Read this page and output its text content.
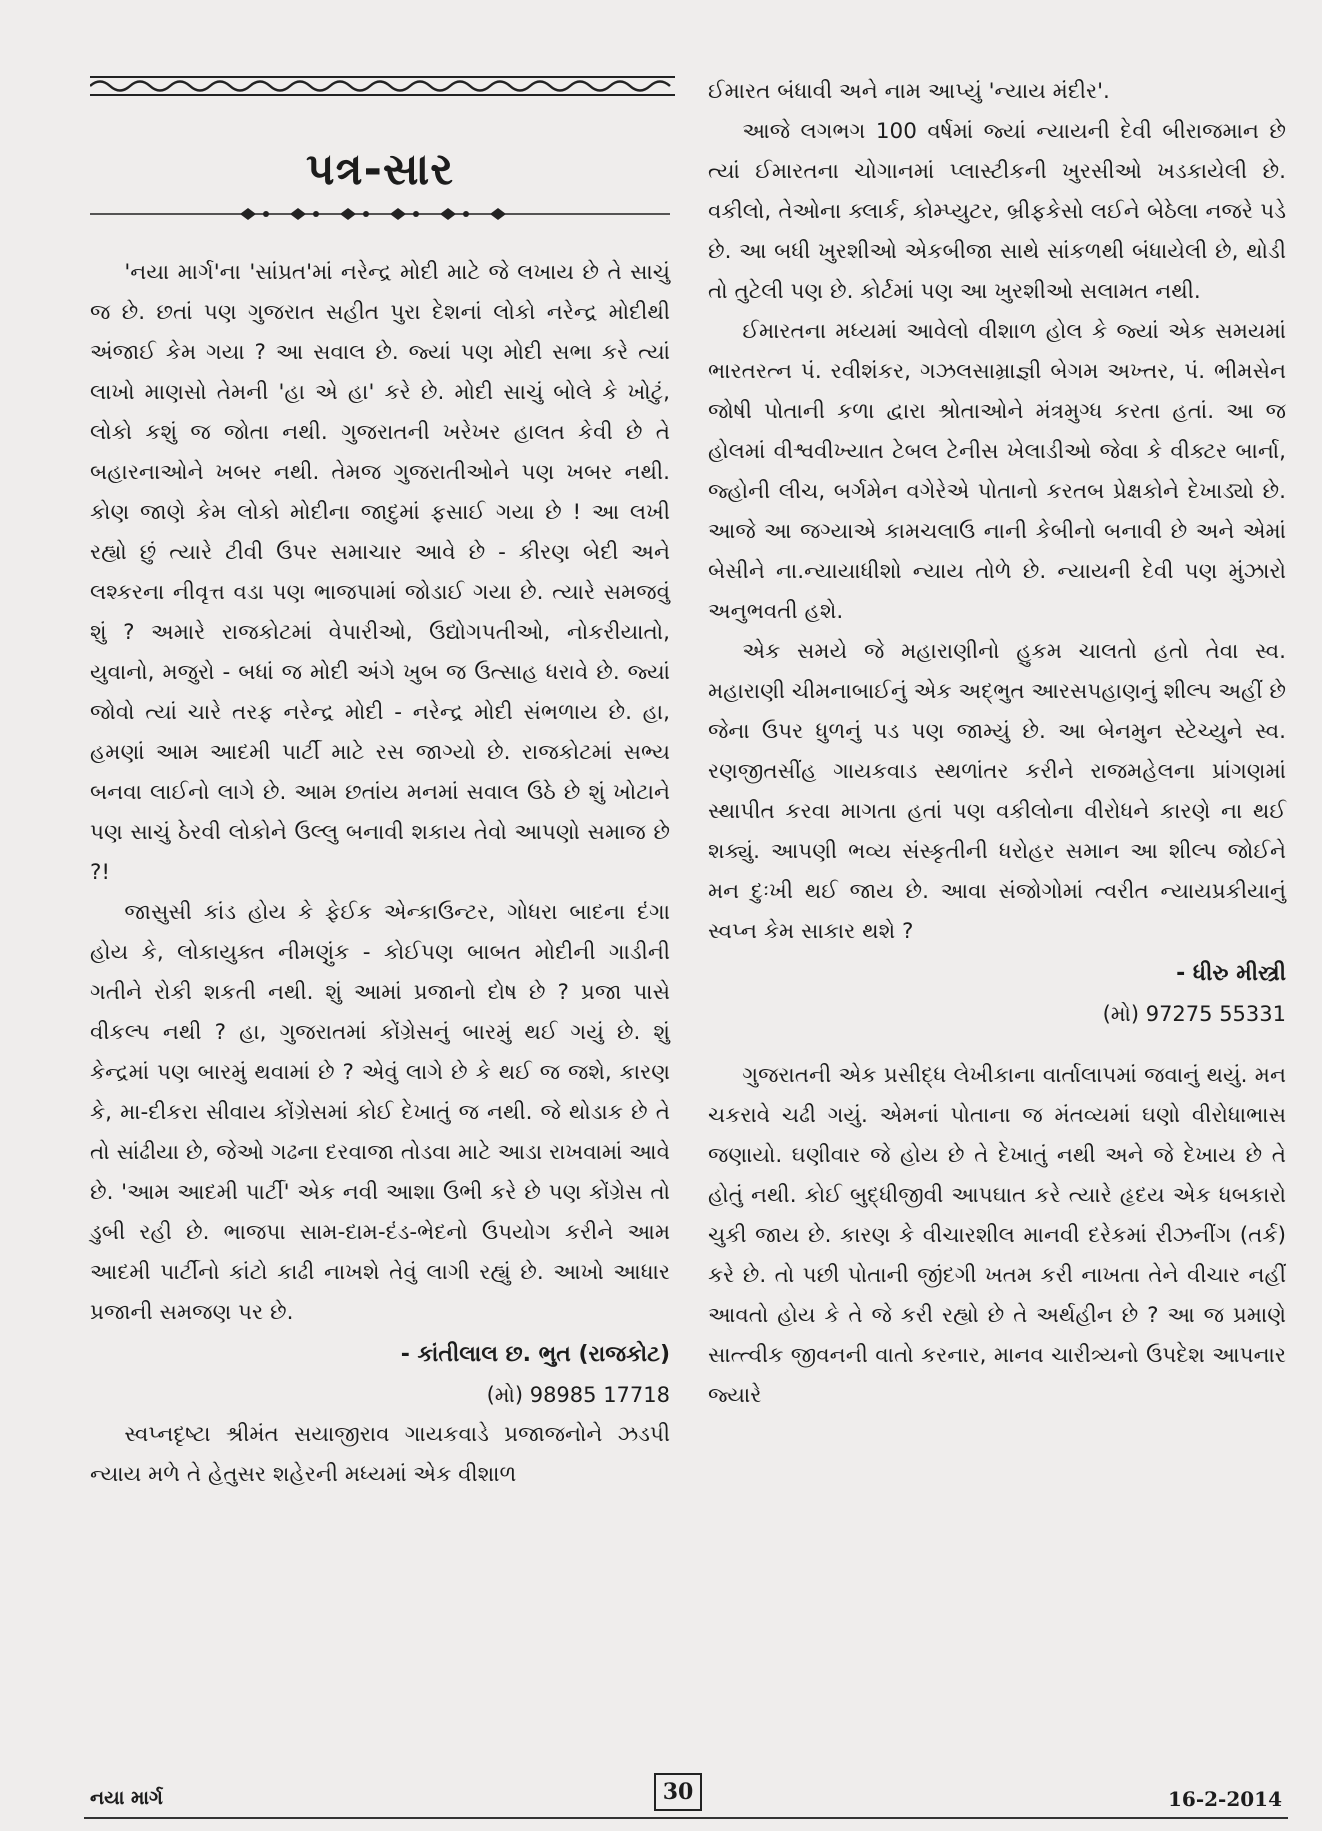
પત્ર-સાર

'નયા માર્ગ'ના 'સાંપ્રત'માં નરેન્દ્ર મોદી માટે જે લખાય છે તે સાચું જ છે. છતાં પણ ગુજરાત સહીત પુરા દેશનાં લોકો નરેન્દ્ર મોદીથી અંજાઈ કેમ ગયા ? આ સવાલ છે. જ્યાં પણ મોદી સભા કરે ત્યાં લાખો માણસો તેમની 'હા એ હા' કરે છે. મોદી સાચું બોલે કે ખોટું, લોકો કશું જ જોતા નથી. ગુજરાતની ખરેખર હાલત કેવી છે તે બહારનાઓને ખબર નથી. તેમજ ગુજરાતીઓને પણ ખબર નથી. કોણ જાણે કેમ લોકો મોદીના જાદુમાં ફસાઈ ગયા છે ! આ લખી રહ્યો છું ત્યારે ટીવી ઉપર સમાચાર આવે છે - કીરણ બેદી અને લશ્કરના નીવૃત્ત વડા પણ ભાજપામાં જોડાઈ ગયા છે. ત્યારે સમજવું શું ? અમારે રાજકોટમાં વેપારીઓ, ઉદ્યોગપતીઓ, નોકરીયાતો, યુવાનો, મજુરો - બધાં જ મોદી અંગે ખુબ જ ઉત્સાહ ધરાવે છે. જ્યાં જોવો ત્યાં ચારે તરફ નરેન્દ્ર મોદી - નરેન્દ્ર મોદી સંભળાય છે. હા, હમણાં આમ આદમી પાર્ટી માટે રસ જાગ્યો છે. રાજકોટમાં સભ્ય બનવા લાઈનો લાગે છે. આમ છતાંય મનમાં સવાલ ઉઠે છે શું ખોટાને પણ સાચું ઠેરવી લોકોને ઉલ્લુ બનાવી શકાય તેવો આપણો સમાજ છે ?!

જાસુસી કાંડ હોય કે ફેઈક એન્કાઉન્ટર, ગોધરા બાદના દંગા હોય કે, લોકાયુક્ત નીમણુંક - કોઈપણ બાબત મોદીની ગાડીની ગતીને રોકી શકતી નથી. શું આમાં પ્રજાનો દોષ છે ? પ્રજા પાસે વીકલ્પ નથી ? હા, ગુજરાતમાં કોંગ્રેસનું બારમું થઈ ગયું છે. શું કેન્દ્રમાં પણ બારમું થવામાં છે ? એવું લાગે છે કે થઈ જ જશે, કારણ કે, મા-દીકરા સીવાય કોંગ્રેસમાં કોઈ દેખાતું જ નથી. જે થોડાક છે તે તો સાંઢીયા છે, જેઓ ગઢના દરવાજા તોડવા માટે આડા રાખવામાં આવે છે. 'આમ આદમી પાર્ટી' એક નવી આશા ઉભી કરે છે પણ કોંગ્રેસ તો ડુબી રહી છે. ભાજપા સામ-દામ-દંડ-ભેદનો ઉપયોગ કરીને આમ આદમી પાર્ટીનો કાંટો કાઢી નાખશે તેવું લાગી રહ્યું છે. આખો આધાર પ્રજાની સમજણ પર છે.

- કાંતીલાલ છ. ભુત (રાજકોટ)
(મો) 98985 17718

સ્વપ્નદૃષ્ટા શ્રીમંત સયાજીરાવ ગાયકવાડે પ્રજાજનોને ઝડપી ન્યાય મળે તે હેતુસર શહેરની મધ્યમાં એક વીશાળ

ઈમારત બંધાવી અને નામ આપ્યું 'ન્યાય મંદીર'.

આજે લગભગ 100 વર્ષમાં જ્યાં ન્યાયની દેવી બીરાજમાન છે ત્યાં ઈમારતના ચોગાનમાં પ્લાસ્ટીકની ખુરસીઓ ખડકાયેલી છે. વકીલો, તેઓના ક્લાર્ક, કોમ્પ્યુટર, બ્રીફકેસો લઈને બેઠેલા નજરે પડે છે. આ બધી ખુરશીઓ એકબીજા સાથે સાંકળથી બંધાયેલી છે, થોડી તો તુટેલી પણ છે. કોર્ટમાં પણ આ ખુરશીઓ સલામત નથી.

ઈમારતના મધ્યમાં આવેલો વીશાળ હોલ કે જ્યાં એક સમયમાં ભારતરત્ન પં. રવીશંકર, ગઝલસામ્રાજ્ઞી બેગમ અખ્તર, પં. ભીમસેન જોષી પોતાની કળા દ્વારા શ્રોતાઓને મંત્રમુગ્ધ કરતા હતાં. આ જ હોલમાં વીશ્વવીખ્યાત ટેબલ ટેનીસ ખેલાડીઓ જેવા કે વીક્ટર બાર્ના, જ્હોની લીચ, બર્ગમેન વગેરેએ પોતાનો કરતબ પ્રેક્ષકોને દેખાડ્યો છે. આજે આ જગ્યાએ કામચલાઉ નાની કેબીનો બનાવી છે અને એમાં બેસીને ના.ન્યાયાધીશો ન્યાય તોળે છે. ન્યાયની દેવી પણ મુંઝારો અનુભવતી હશે.

એક સમયે જે મહારાણીનો હુકમ ચાલતો હતો તેવા સ્વ. મહારાણી ચીમનાબાઈનું એક અદ્ભુત આરસપહાણનું શીલ્પ અહીં છે જેના ઉપર ધુળનું પડ પણ જામ્યું છે. આ બેનમુન સ્ટેચ્યુને સ્વ. રણજીતસીંહ ગાયકવાડ સ્થળાંતર કરીને રાજમહેલના પ્રાંગણમાં સ્થાપીત કરવા માગતા હતાં પણ વકીલોના વીરોધને કારણે ના થઈ શક્યું. આપણી ભવ્ય સંસ્કૃતીની ધરોહર સમાન આ શીલ્પ જોઈને મન દુઃખી થઈ જાય છે. આવા સંજોગોમાં ત્વરીત ન્યાયપ્રકીયાનું સ્વપ્ન કેમ સાકાર થશે ?

- ધીરુ મીસ્ત્રી
(મો) 97275 55331

ગુજરાતની એક પ્રસીદ્ધ લેખીકાના વાર્તાલાપમાં જવાનું થયું. મન ચકરાવે ચઢી ગયું. એમનાં પોતાના જ મંતવ્યમાં ઘણો વીરોધાભાસ જણાયો. ઘણીવાર જે હોય છે તે દેખાતું નથી અને જે દેખાય છે તે હોતું નથી. કોઈ બુદ્ધીજીવી આપઘાત કરે ત્યારે હૃદય એક ધબકારો ચુકી જાય છે. કારણ કે વીચારશીલ માનવી દરેકમાં રીઝનીંગ (તર્ક) કરે છે. તો પછી પોતાની જીંદગી ખતમ કરી નાખતા તેને વીચાર નહીં આવતો હોય કે તે જે કરી રહ્યો છે તે અર્થહીન છે ? આ જ પ્રમાણે સાત્ત્વીક જીવનની વાતો કરનાર, માનવ ચારીત્ર્યનો ઉપદેશ આપનાર જ્યારે

નયા માર્ગ	30	16-2-2014
